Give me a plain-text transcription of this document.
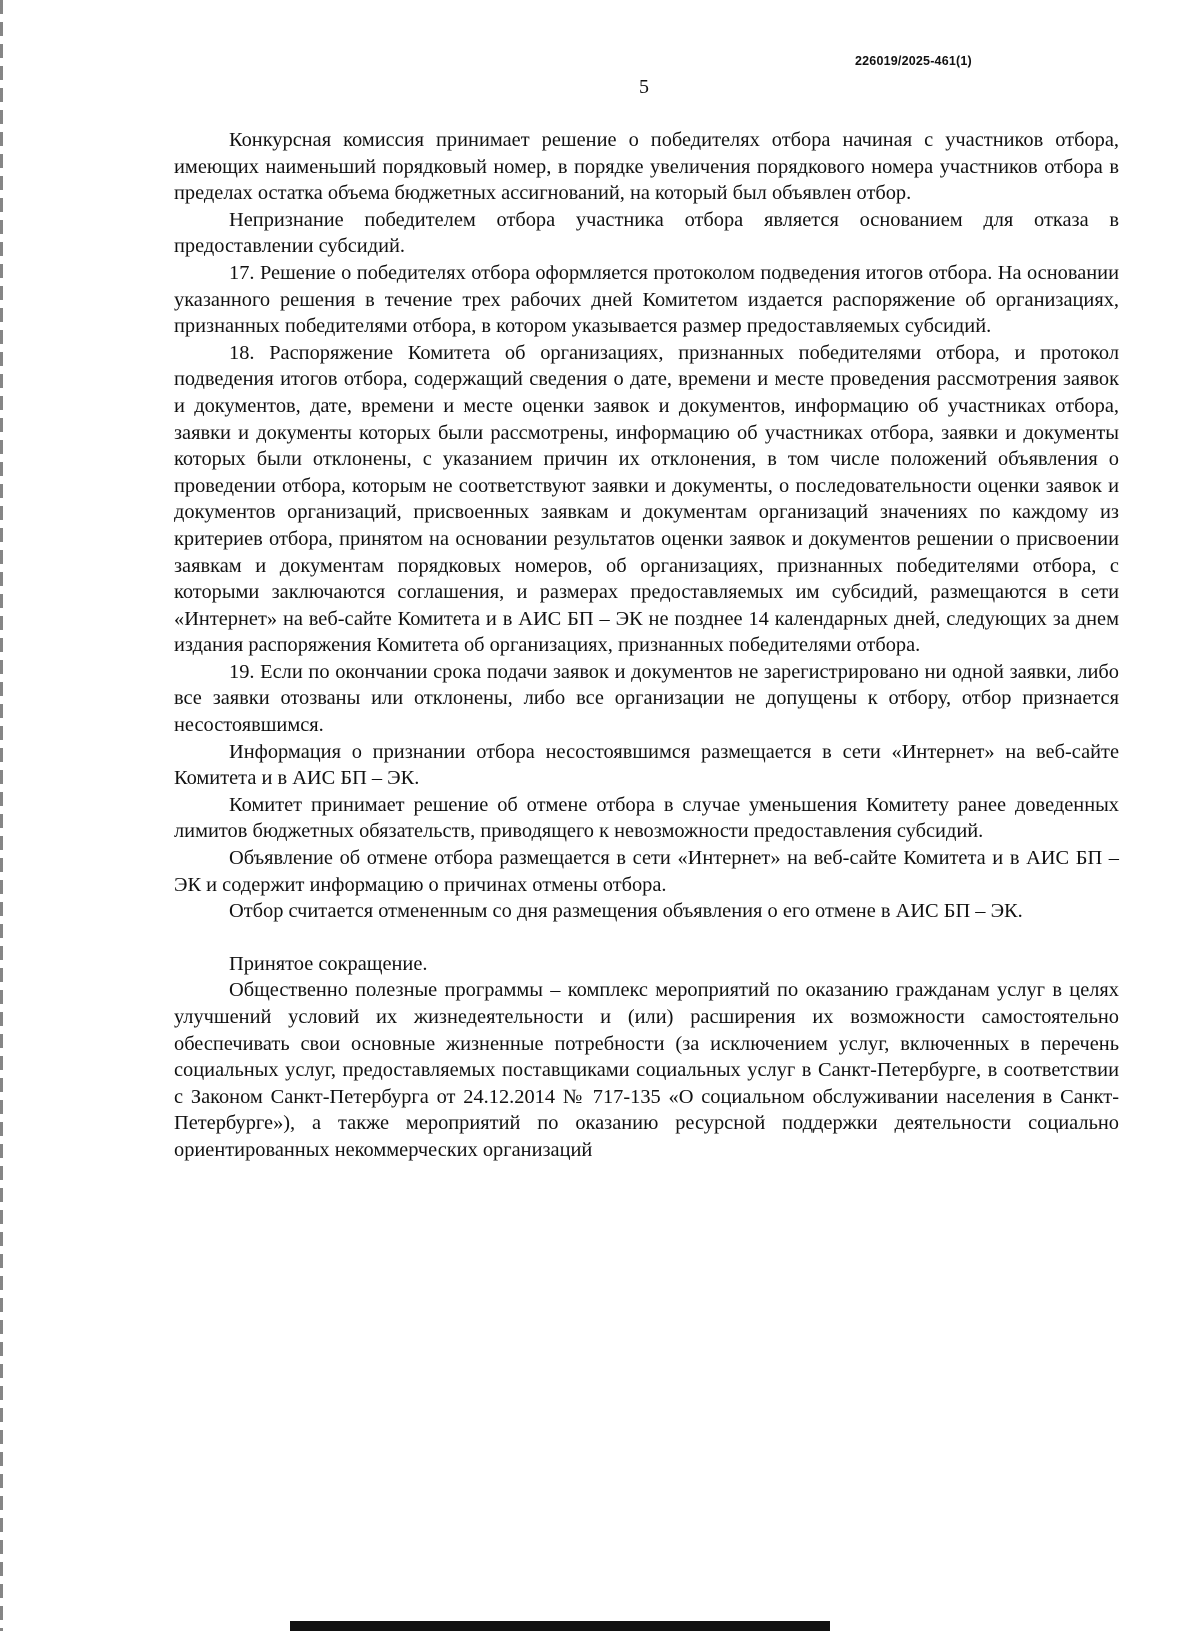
226019/2025-461(1)
5

Конкурсная комиссия принимает решение о победителях отбора начиная с участников отбора, имеющих наименьший порядковый номер, в порядке увеличения порядкового номера участников отбора в пределах остатка объема бюджетных ассигнований, на который был объявлен отбор.

Непризнание победителем отбора участника отбора является основанием для отказа в предоставлении субсидий.

17. Решение о победителях отбора оформляется протоколом подведения итогов отбора. На основании указанного решения в течение трех рабочих дней Комитетом издается распоряжение об организациях, признанных победителями отбора, в котором указывается размер предоставляемых субсидий.

18. Распоряжение Комитета об организациях, признанных победителями отбора, и протокол подведения итогов отбора, содержащий сведения о дате, времени и месте проведения рассмотрения заявок и документов, дате, времени и месте оценки заявок и документов, информацию об участниках отбора, заявки и документы которых были рассмотрены, информацию об участниках отбора, заявки и документы которых были отклонены, с указанием причин их отклонения, в том числе положений объявления о проведении отбора, которым не соответствуют заявки и документы, о последовательности оценки заявок и документов организаций, присвоенных заявкам и документам организаций значениях по каждому из критериев отбора, принятом на основании результатов оценки заявок и документов решении о присвоении заявкам и документам порядковых номеров, об организациях, признанных победителями отбора, с которыми заключаются соглашения, и размерах предоставляемых им субсидий, размещаются в сети «Интернет» на веб-сайте Комитета и в АИС БП – ЭК не позднее 14 календарных дней, следующих за днем издания распоряжения Комитета об организациях, признанных победителями отбора.

19. Если по окончании срока подачи заявок и документов не зарегистрировано ни одной заявки, либо все заявки отозваны или отклонены, либо все организации не допущены к отбору, отбор признается несостоявшимся.

Информация о признании отбора несостоявшимся размещается в сети «Интернет» на веб-сайте Комитета и в АИС БП – ЭК.

Комитет принимает решение об отмене отбора в случае уменьшения Комитету ранее доведенных лимитов бюджетных обязательств, приводящего к невозможности предоставления субсидий.

Объявление об отмене отбора размещается в сети «Интернет» на веб-сайте Комитета и в АИС БП – ЭК и содержит информацию о причинах отмены отбора.

Отбор считается отмененным со дня размещения объявления о его отмене в АИС БП – ЭК.

Принятое сокращение.

Общественно полезные программы – комплекс мероприятий по оказанию гражданам услуг в целях улучшений условий их жизнедеятельности и (или) расширения их возможности самостоятельно обеспечивать свои основные жизненные потребности (за исключением услуг, включенных в перечень социальных услуг, предоставляемых поставщиками социальных услуг в Санкт-Петербурге, в соответствии с Законом Санкт-Петербурга от 24.12.2014 № 717-135 «О социальном обслуживании населения в Санкт-Петербурге»), а также мероприятий по оказанию ресурсной поддержки деятельности социально ориентированных некоммерческих организаций
